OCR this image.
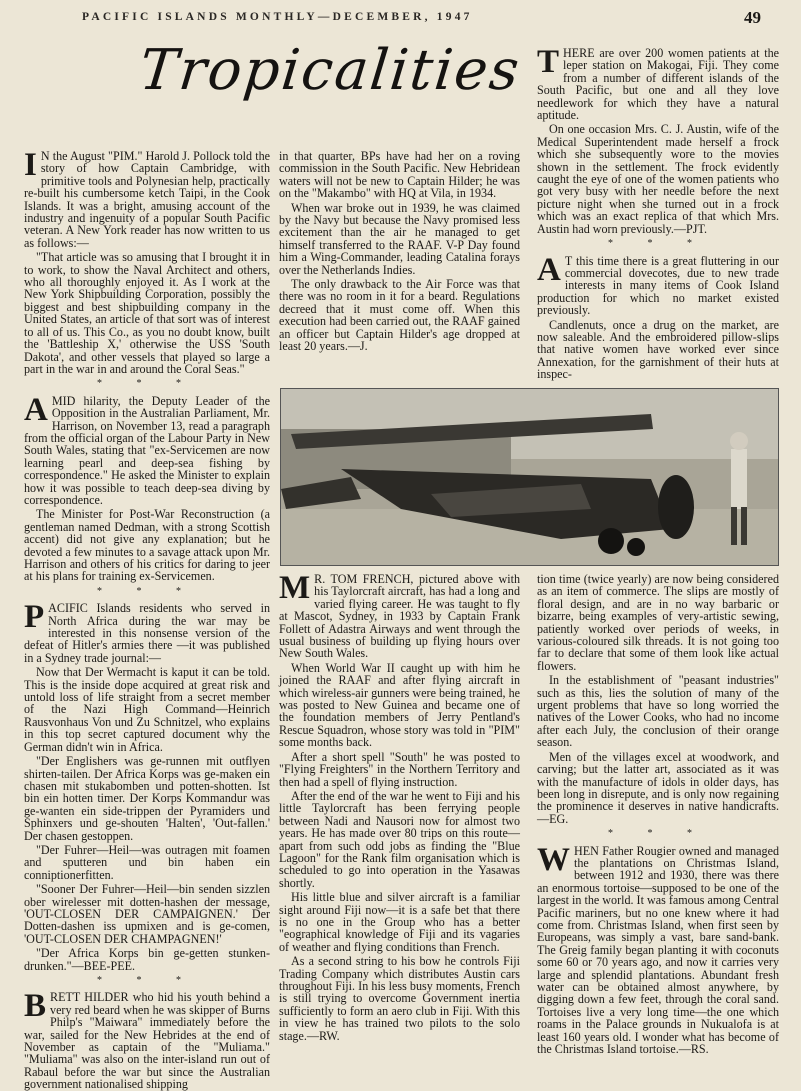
PACIFIC ISLANDS MONTHLY—DECEMBER, 1947	49
Tropicalities

I N the August "PIM." Harold J. Pollock told the story of how Captain Cambridge, with primitive tools and Polynesian help, practically re-built his cumbersome ketch Taipi, in the Cook Islands. It was a bright, amusing account of the industry and ingenuity of a popular South Pacific veteran. A New York reader has now written to us as follows:—

"That article was so amusing that I brought it in to work, to show the Naval Architect and others, who all thoroughly enjoyed it. As I work at the New York Shipbuilding Corporation, possibly the biggest and best shipbuilding company in the United States, an article of that sort was of interest to all of us. This Co., as you no doubt know, built the 'Battleship X,' otherwise the USS 'South Dakota', and other vessels that played so large a part in the war in and around the Coral Seas."

* * *

AMID hilarity, the Deputy Leader of the Opposition in the Australian Parliament, Mr. Harrison, on November 13, read a paragraph from the official organ of the Labour Party in New South Wales, stating that "ex-Servicemen are now learning pearl and deep-sea fishing by correspondence." He asked the Minister to explain how it was possible to teach deep-sea diving by correspondence.

The Minister for Post-War Reconstruction (a gentleman named Dedman, with a strong Scottish accent) did not give any explanation; but he devoted a few minutes to a savage attack upon Mr. Harrison and others of his critics for daring to jeer at his plans for training ex-Servicemen.

* * *

PACIFIC Islands residents who served in North Africa during the war may be interested in this nonsense version of the defeat of Hitler's armies there —it was published in a Sydney trade journal:—

Now that Der Wermacht is kaput it can be told. This is the inside dope acquired at great risk and untold loss of life straight from a secret member of the Nazi High Command—Heinrich Rausvonhaus Von und Zu Schnitzel, who explains in this top secret captured document why the German didn't win in Africa.

"Der Englishers was ge-runnen mit outflyen shirten-tailen. Der Africa Korps was ge-maken ein chasen mit stukabomben und potten-shotten. Ist bin ein hotten timer. Der Korps Kommandur was ge-wanten ein side-trippen der Pyramiders und Sphinxers und ge-shouten 'Halten', 'Out-fallen.' Der chasen gestoppen.

"Der Fuhrer—Heil—was outragen mit foamen and sputteren und bin haben ein conniptionerfitten.

"Sooner Der Fuhrer—Heil—bin senden sizzlen ober wirelesser mit dotten-hashen der message, 'OUT-CLOSEN DER CAMPAIGNEN.' Der Dotten-dashen iss upmixen and is ge-comen, 'OUT-CLOSEN DER CHAMPAGNEN!'

"Der Africa Korps bin ge-getten stunken-drunken."—BEE-PEE.

* * *

BRETT HILDER who hid his youth behind a very red beard when he was skipper of Burns Philp's "Maiwara" immediately before the war, sailed for the New Hebrides at the end of November as captain of the "Muliama." "Muliama" was also on the inter-island run out of Rabaul before the war but since the Australian government nationalised shipping

in that quarter, BPs have had her on a roving commission in the South Pacific. New Hebridean waters will not be new to Captain Hilder; he was on the "Makambo" with HQ at Vila, in 1934.

When war broke out in 1939, he was claimed by the Navy but because the Navy promised less excitement than the air he managed to get himself transferred to the RAAF. V-P Day found him a Wing-Commander, leading Catalina forays over the Netherlands Indies.

The only drawback to the Air Force was that there was no room in it for a beard. Regulations decreed that it must come off. When this execution had been carried out, the RAAF gained an officer but Captain Hilder's age dropped at least 20 years.—J.

THERE are over 200 women patients at the leper station on Makogai, Fiji. They come from a number of different islands of the South Pacific, but one and all they love needlework for which they have a natural aptitude.

On one occasion Mrs. C. J. Austin, wife of the Medical Superintendent made herself a frock which she subsequently wore to the movies shown in the settlement. The frock evidently caught the eye of one of the women patients who got very busy with her needle before the next picture night when she turned out in a frock which was an exact replica of that which Mrs. Austin had worn previously.—PJT.

* * *

A T this time there is a great fluttering in our commercial dovecotes, due to new trade interests in many items of Cook Island production for which no market existed previously.

Candlenuts, once a drug on the market, are now saleable. And the embroidered pillow-slips that native women have worked ever since Annexation, for the garnishment of their huts at inspec-

M R. TOM FRENCH, pictured above with his Taylorcraft aircraft, has had a long and varied flying career. He was taught to fly at Mascot, Sydney, in 1933 by Captain Frank Follett of Adastra Airways and went through the usual business of building up flying hours over New South Wales.

When World War II caught up with him he joined the RAAF and after flying aircraft in which wireless-air gunners were being trained, he was posted to New Guinea and became one of the foundation members of Jerry Pentland's Rescue Squadron, whose story was told in "PIM" some months back.

After a short spell "South" he was posted to "Flying Freighters" in the Northern Territory and then had a spell of flying instruction.

After the end of the war he went to Fiji and his little Taylorcraft has been ferrying people between Nadi and Nausori now for almost two years. He has made over 80 trips on this route—apart from such odd jobs as finding the "Blue Lagoon" for the Rank film organisation which is scheduled to go into operation in the Yasawas shortly.

His little blue and silver aircraft is a familiar sight around Fiji now—it is a safe bet that there is no one in the Group who has a better "eographical knowledge of Fiji and its vagaries of weather and flying conditions than French.

As a second string to his bow he controls Fiji Trading Company which distributes Austin cars throughout Fiji. In his less busy moments, French is still trying to overcome Government inertia sufficiently to form an aero club in Fiji. With this in view he has trained two pilots to the solo stage.—RW.

tion time (twice yearly) are now being considered as an item of commerce. The slips are mostly of floral design, and are in no way barbaric or bizarre, being examples of very-artistic sewing, patiently worked over periods of weeks, in various-coloured silk threads. It is not going too far to declare that some of them look like actual flowers.

In the establishment of "peasant industries" such as this, lies the solution of many of the urgent problems that have so long worried the natives of the Lower Cooks, who had no income after each July, the conclusion of their orange season.

Men of the villages excel at woodwork, and carving; but the latter art, associated as it was with the manufacture of idols in older days, has been long in disrepute, and is only now regaining the prominence it deserves in native handicrafts.—EG.

* * *

WHEN Father Rougier owned and managed the plantations on Christmas Island, between 1912 and 1930, there was there an enormous tortoise—supposed to be one of the largest in the world. It was famous among Central Pacific mariners, but no one knew where it had come from. Christmas Island, when first seen by Europeans, was simply a vast, bare sand-bank. The Greig family began planting it with coconuts some 60 or 70 years ago, and now it carries very large and splendid plantations. Abundant fresh water can be obtained almost anywhere, by digging down a few feet, through the coral sand. Tortoises live a very long time—the one which roams in the Palace grounds in Nukualofa is at least 160 years old. I wonder what has become of the Christmas Island tortoise.—RS.
